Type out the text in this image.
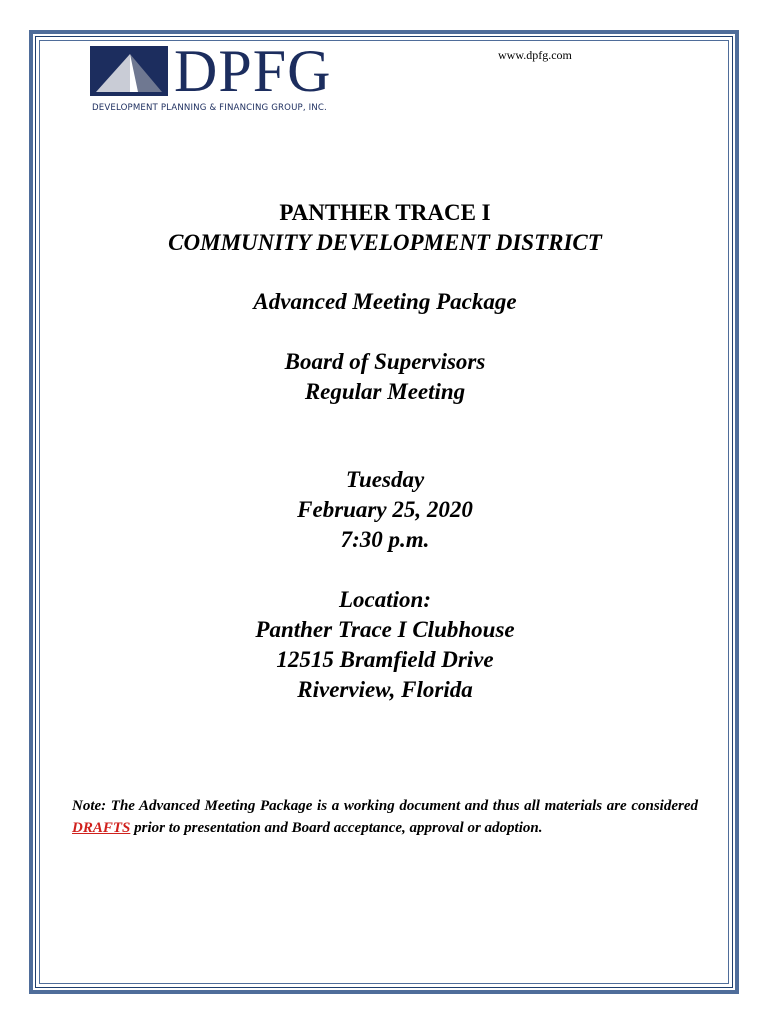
DPFG
DEVELOPMENT PLANNING & FINANCING GROUP, INC.
www.dpfg.com
PANTHER TRACE I
COMMUNITY DEVELOPMENT DISTRICT
Advanced Meeting Package
Board of Supervisors
Regular Meeting
Tuesday
February 25, 2020
7:30 p.m.
Location:
Panther Trace I Clubhouse
12515 Bramfield Drive
Riverview, Florida
Note: The Advanced Meeting Package is a working document and thus all materials are considered DRAFTS prior to presentation and Board acceptance, approval or adoption.
